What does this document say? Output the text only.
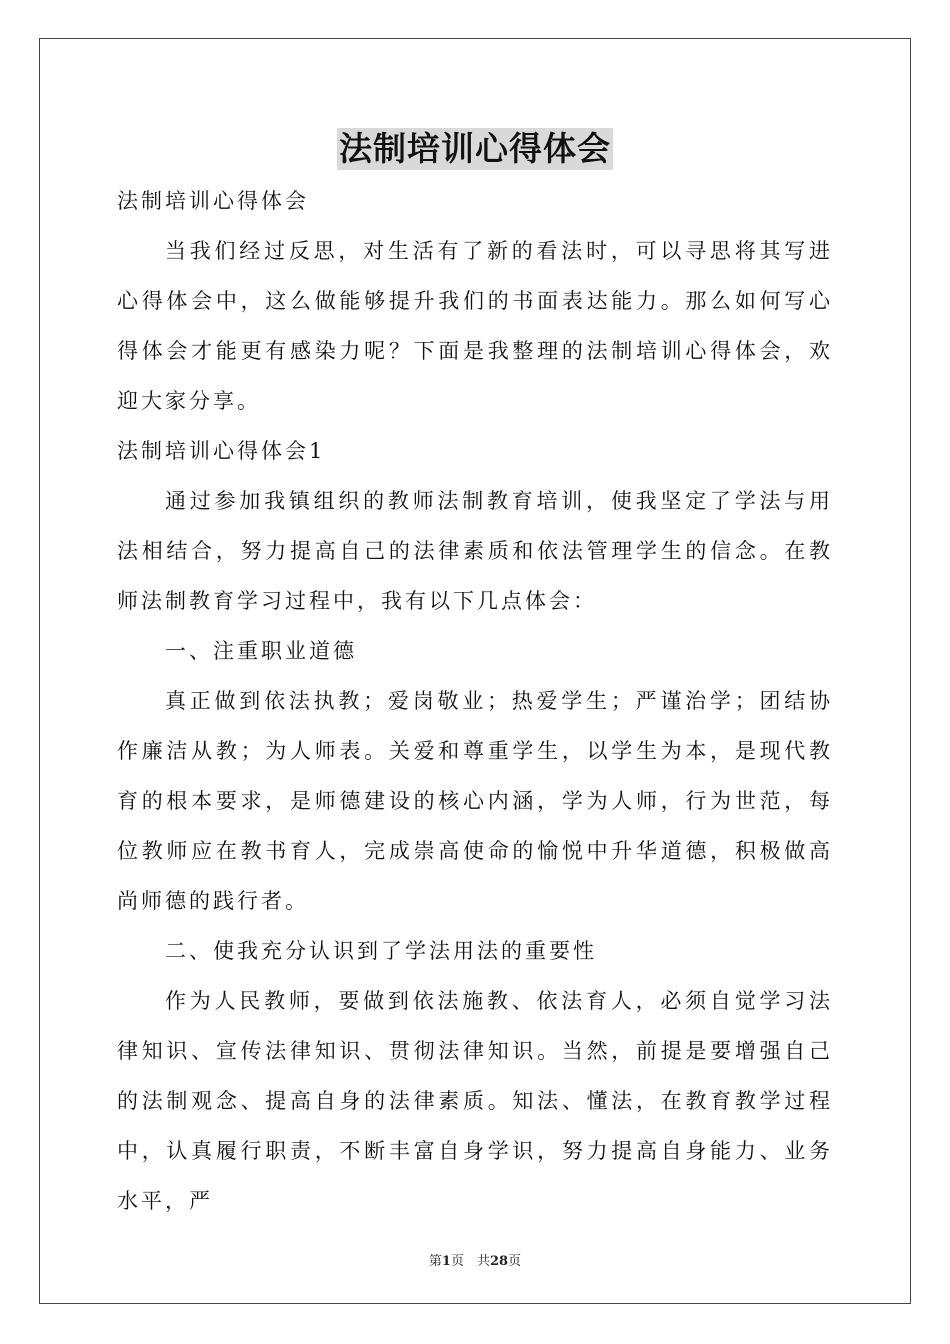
法制培训心得体会

法制培训心得体会

当我们经过反思，对生活有了新的看法时，可以寻思将其写进心得体会中，这么做能够提升我们的书面表达能力。那么如何写心得体会才能更有感染力呢？下面是我整理的法制培训心得体会，欢迎大家分享。

法制培训心得体会1

通过参加我镇组织的教师法制教育培训，使我坚定了学法与用法相结合，努力提高自己的法律素质和依法管理学生的信念。在教师法制教育学习过程中，我有以下几点体会：

一、注重职业道德

真正做到依法执教；爱岗敬业；热爱学生；严谨治学；团结协作廉洁从教；为人师表。关爱和尊重学生，以学生为本，是现代教育的根本要求，是师德建设的核心内涵，学为人师，行为世范，每位教师应在教书育人，完成崇高使命的愉悦中升华道德，积极做高尚师德的践行者。

二、使我充分认识到了学法用法的重要性

作为人民教师，要做到依法施教、依法育人，必须自觉学习法律知识、宣传法律知识、贯彻法律知识。当然，前提是要增强自己的法制观念、提高自身的法律素质。知法、懂法，在教育教学过程中，认真履行职责，不断丰富自身学识，努力提高自身能力、业务水平，严

第1页　共28页
